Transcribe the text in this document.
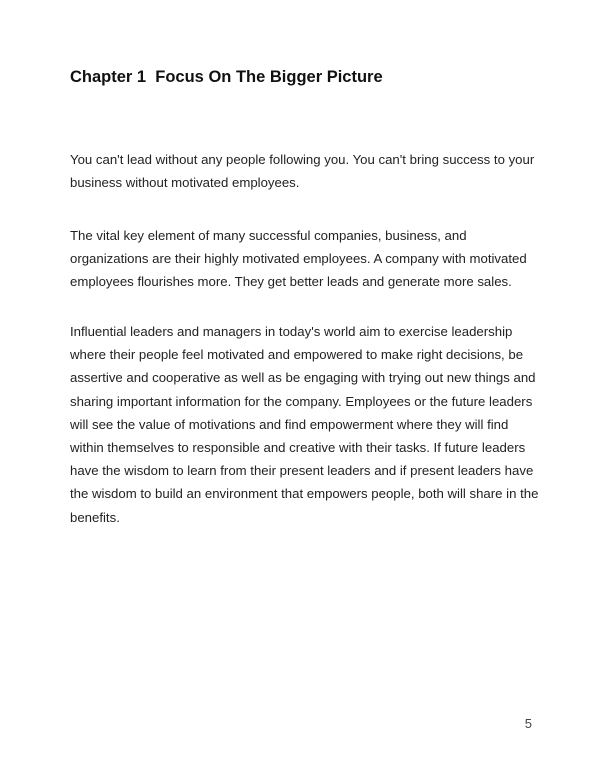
Chapter 1  Focus On The Bigger Picture

You can't lead without any people following you. You can't bring success to your business without motivated employees.

The vital key element of many successful companies, business, and organizations are their highly motivated employees. A company with motivated employees flourishes more. They get better leads and generate more sales.

Influential leaders and managers in today's world aim to exercise leadership where their people feel motivated and empowered to make right decisions, be assertive and cooperative as well as be engaging with trying out new things and sharing important information for the company. Employees or the future leaders will see the value of motivations and find empowerment where they will find within themselves to responsible and creative with their tasks. If future leaders have the wisdom to learn from their present leaders and if present leaders have the wisdom to build an environment that empowers people, both will share in the benefits.

5
